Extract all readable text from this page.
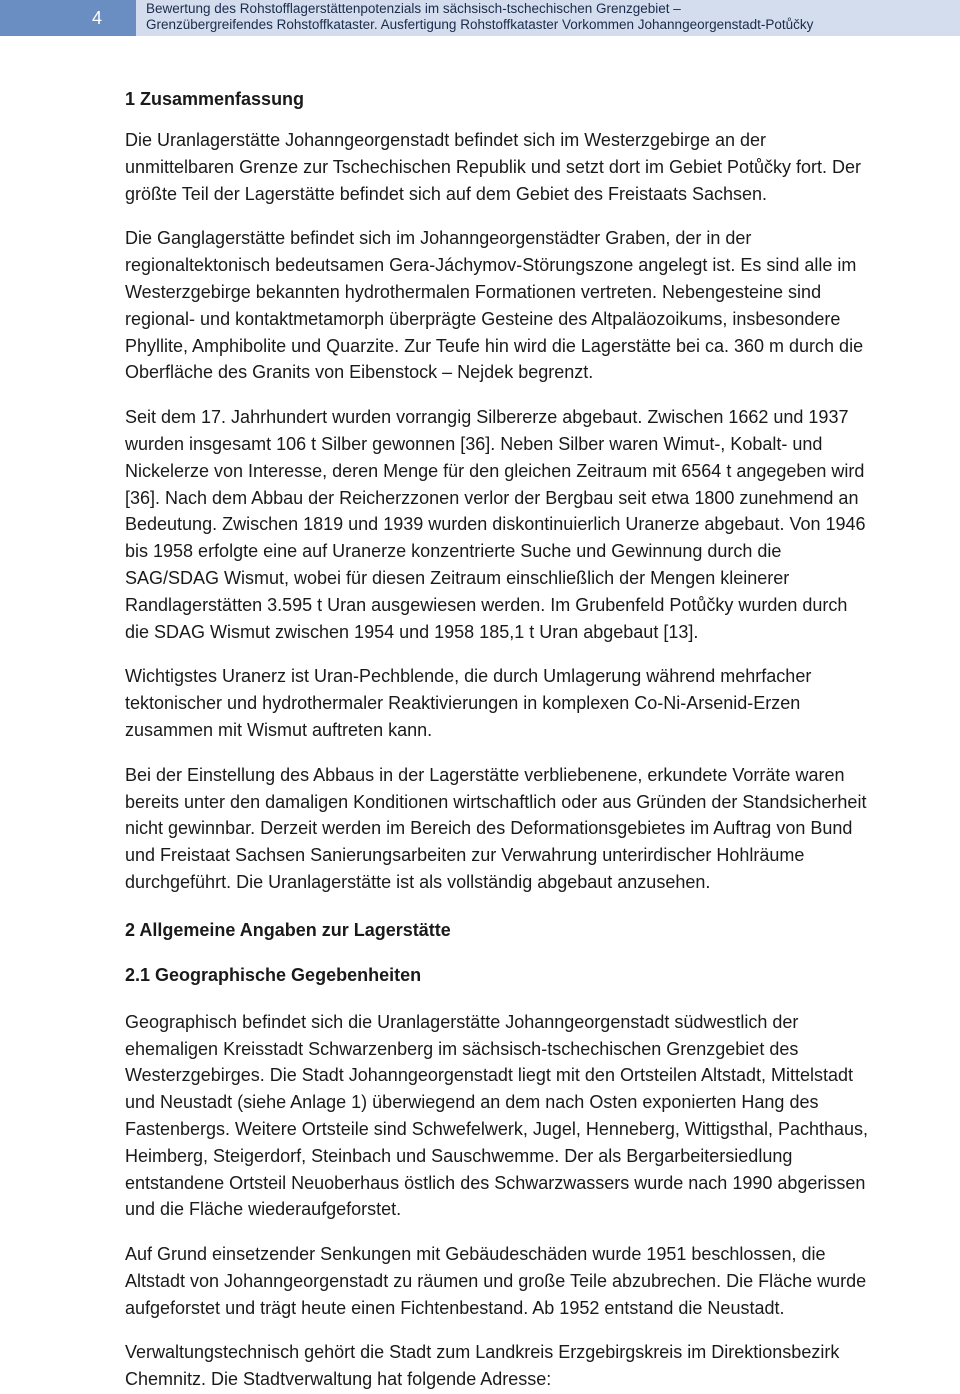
4	Bewertung des Rohstofflagerstättenpotenzials im sächsisch-tschechischen Grenzgebiet –
Grenzübergreifendes Rohstoffkataster. Ausfertigung Rohstoffkataster Vorkommen Johanngeorgenstadt-Potůčky
1 Zusammenfassung
Die Uranlagerstätte Johanngeorgenstadt befindet sich im Westerzgebirge an der
unmittelbaren Grenze zur Tschechischen Republik und setzt dort im Gebiet Potůčky fort. Der
größte Teil der Lagerstätte befindet sich auf dem Gebiet des Freistaats Sachsen.
Die Ganglagerstätte befindet sich im Johanngeorgenstädter Graben, der in der
regionaltektonisch bedeutsamen Gera-Jáchymov-Störungszone angelegt ist. Es sind alle im
Westerzgebirge bekannten hydrothermalen Formationen vertreten. Nebengesteine sind
regional- und kontaktmetamorph überprägte Gesteine des Altpaläozoikums, insbesondere
Phyllite, Amphibolite und Quarzite. Zur Teufe hin wird die Lagerstätte bei ca. 360 m durch die
Oberfläche des Granits von Eibenstock – Nejdek begrenzt.
Seit dem 17. Jahrhundert wurden vorrangig Silbererze abgebaut. Zwischen 1662 und 1937
wurden insgesamt 106 t Silber gewonnen [36]. Neben Silber waren Wimut-, Kobalt- und
Nickelerze von Interesse, deren Menge für den gleichen Zeitraum mit 6564 t angegeben wird
[36]. Nach dem Abbau der Reicherzzonen verlor der Bergbau seit etwa 1800 zunehmend an
Bedeutung. Zwischen 1819 und 1939 wurden diskontinuierlich Uranerze abgebaut. Von 1946
bis 1958 erfolgte eine auf Uranerze konzentrierte Suche und Gewinnung durch die
SAG/SDAG Wismut, wobei für diesen Zeitraum einschließlich der Mengen kleinerer
Randlagerstätten 3.595 t Uran ausgewiesen werden. Im Grubenfeld Potůčky wurden durch
die SDAG Wismut zwischen 1954 und 1958 185,1 t Uran abgebaut [13].
Wichtigstes Uranerz ist Uran-Pechblende, die durch Umlagerung während mehrfacher
tektonischer und hydrothermaler Reaktivierungen in komplexen Co-Ni-Arsenid-Erzen
zusammen mit Wismut auftreten kann.
Bei der Einstellung des Abbaus in der Lagerstätte verbliebenene, erkundete Vorräte waren
bereits unter den damaligen Konditionen wirtschaftlich oder aus Gründen der Standsicherheit
nicht gewinnbar. Derzeit werden im Bereich des Deformationsgebietes im Auftrag von Bund
und Freistaat Sachsen Sanierungsarbeiten zur Verwahrung unterirdischer Hohlräume
durchgeführt. Die Uranlagerstätte ist als vollständig abgebaut anzusehen.
2 Allgemeine Angaben zur Lagerstätte
2.1 Geographische Gegebenheiten
Geographisch befindet sich die Uranlagerstätte Johanngeorgenstadt südwestlich der
ehemaligen Kreisstadt Schwarzenberg im sächsisch-tschechischen Grenzgebiet des
Westerzgebirges. Die Stadt Johanngeorgenstadt liegt mit den Ortsteilen Altstadt, Mittelstadt
und Neustadt (siehe Anlage 1) überwiegend an dem nach Osten exponierten Hang des
Fastenbergs. Weitere Ortsteile sind Schwefelwerk, Jugel, Henneberg, Wittigsthal, Pachthaus,
Heimberg, Steigerdorf, Steinbach und Sauschwemme. Der als Bergarbeitersiedlung
entstandene Ortsteil Neuoberhaus östlich des Schwarzwassers wurde nach 1990 abgerissen
und die Fläche wiederaufgeforstet.
Auf Grund einsetzender Senkungen mit Gebäudeschäden wurde 1951 beschlossen, die
Altstadt von Johanngeorgenstadt zu räumen und große Teile abzubrechen. Die Fläche wurde
aufgeforstet und trägt heute einen Fichtenbestand. Ab 1952 entstand die Neustadt.
Verwaltungstechnisch gehört die Stadt zum Landkreis Erzgebirgskreis im Direktionsbezirk
Chemnitz. Die Stadtverwaltung hat folgende Adresse:
